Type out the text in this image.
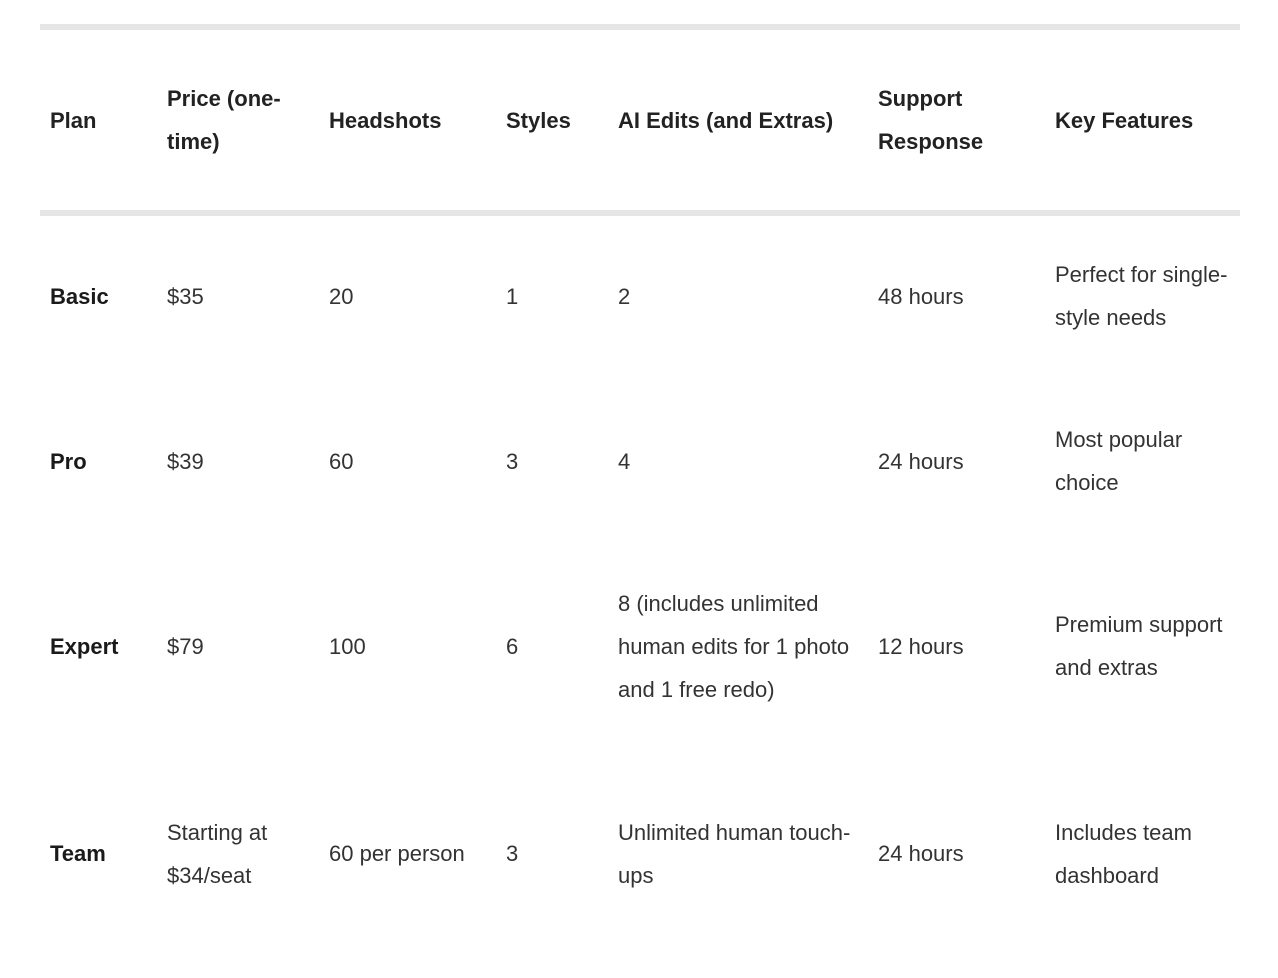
Plan	Price (one-time)	Headshots	Styles	AI Edits (and Extras)	Support Response	Key Features
Basic	$35	20	1	2	48 hours	Perfect for single-style needs
Pro	$39	60	3	4	24 hours	Most popular choice
Expert	$79	100	6	8 (includes unlimited human edits for 1 photo and 1 free redo)	12 hours	Premium support and extras
Team	Starting at $34/seat	60 per person	3	Unlimited human touch-ups	24 hours	Includes team dashboard
